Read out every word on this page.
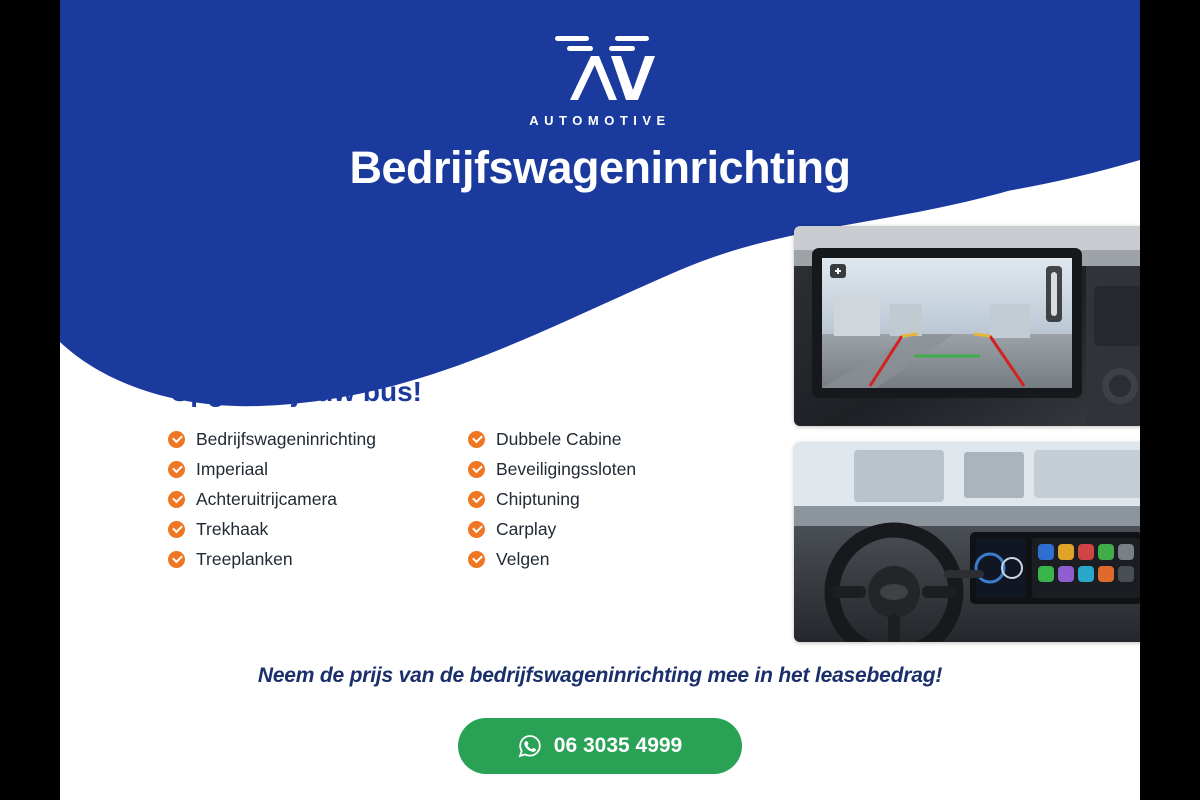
AUTOMOTIVE
Bedrijfswageninrichting
Upgrade jouw bus!
Bedrijfswageninrichting
Imperiaal
Achteruitrijcamera
Trekhaak
Treeplanken
Dubbele Cabine
Beveiligingssloten
Chiptuning
Carplay
Velgen
Neem de prijs van de bedrijfswageninrichting mee in het leasebedrag!
06 3035 4999
